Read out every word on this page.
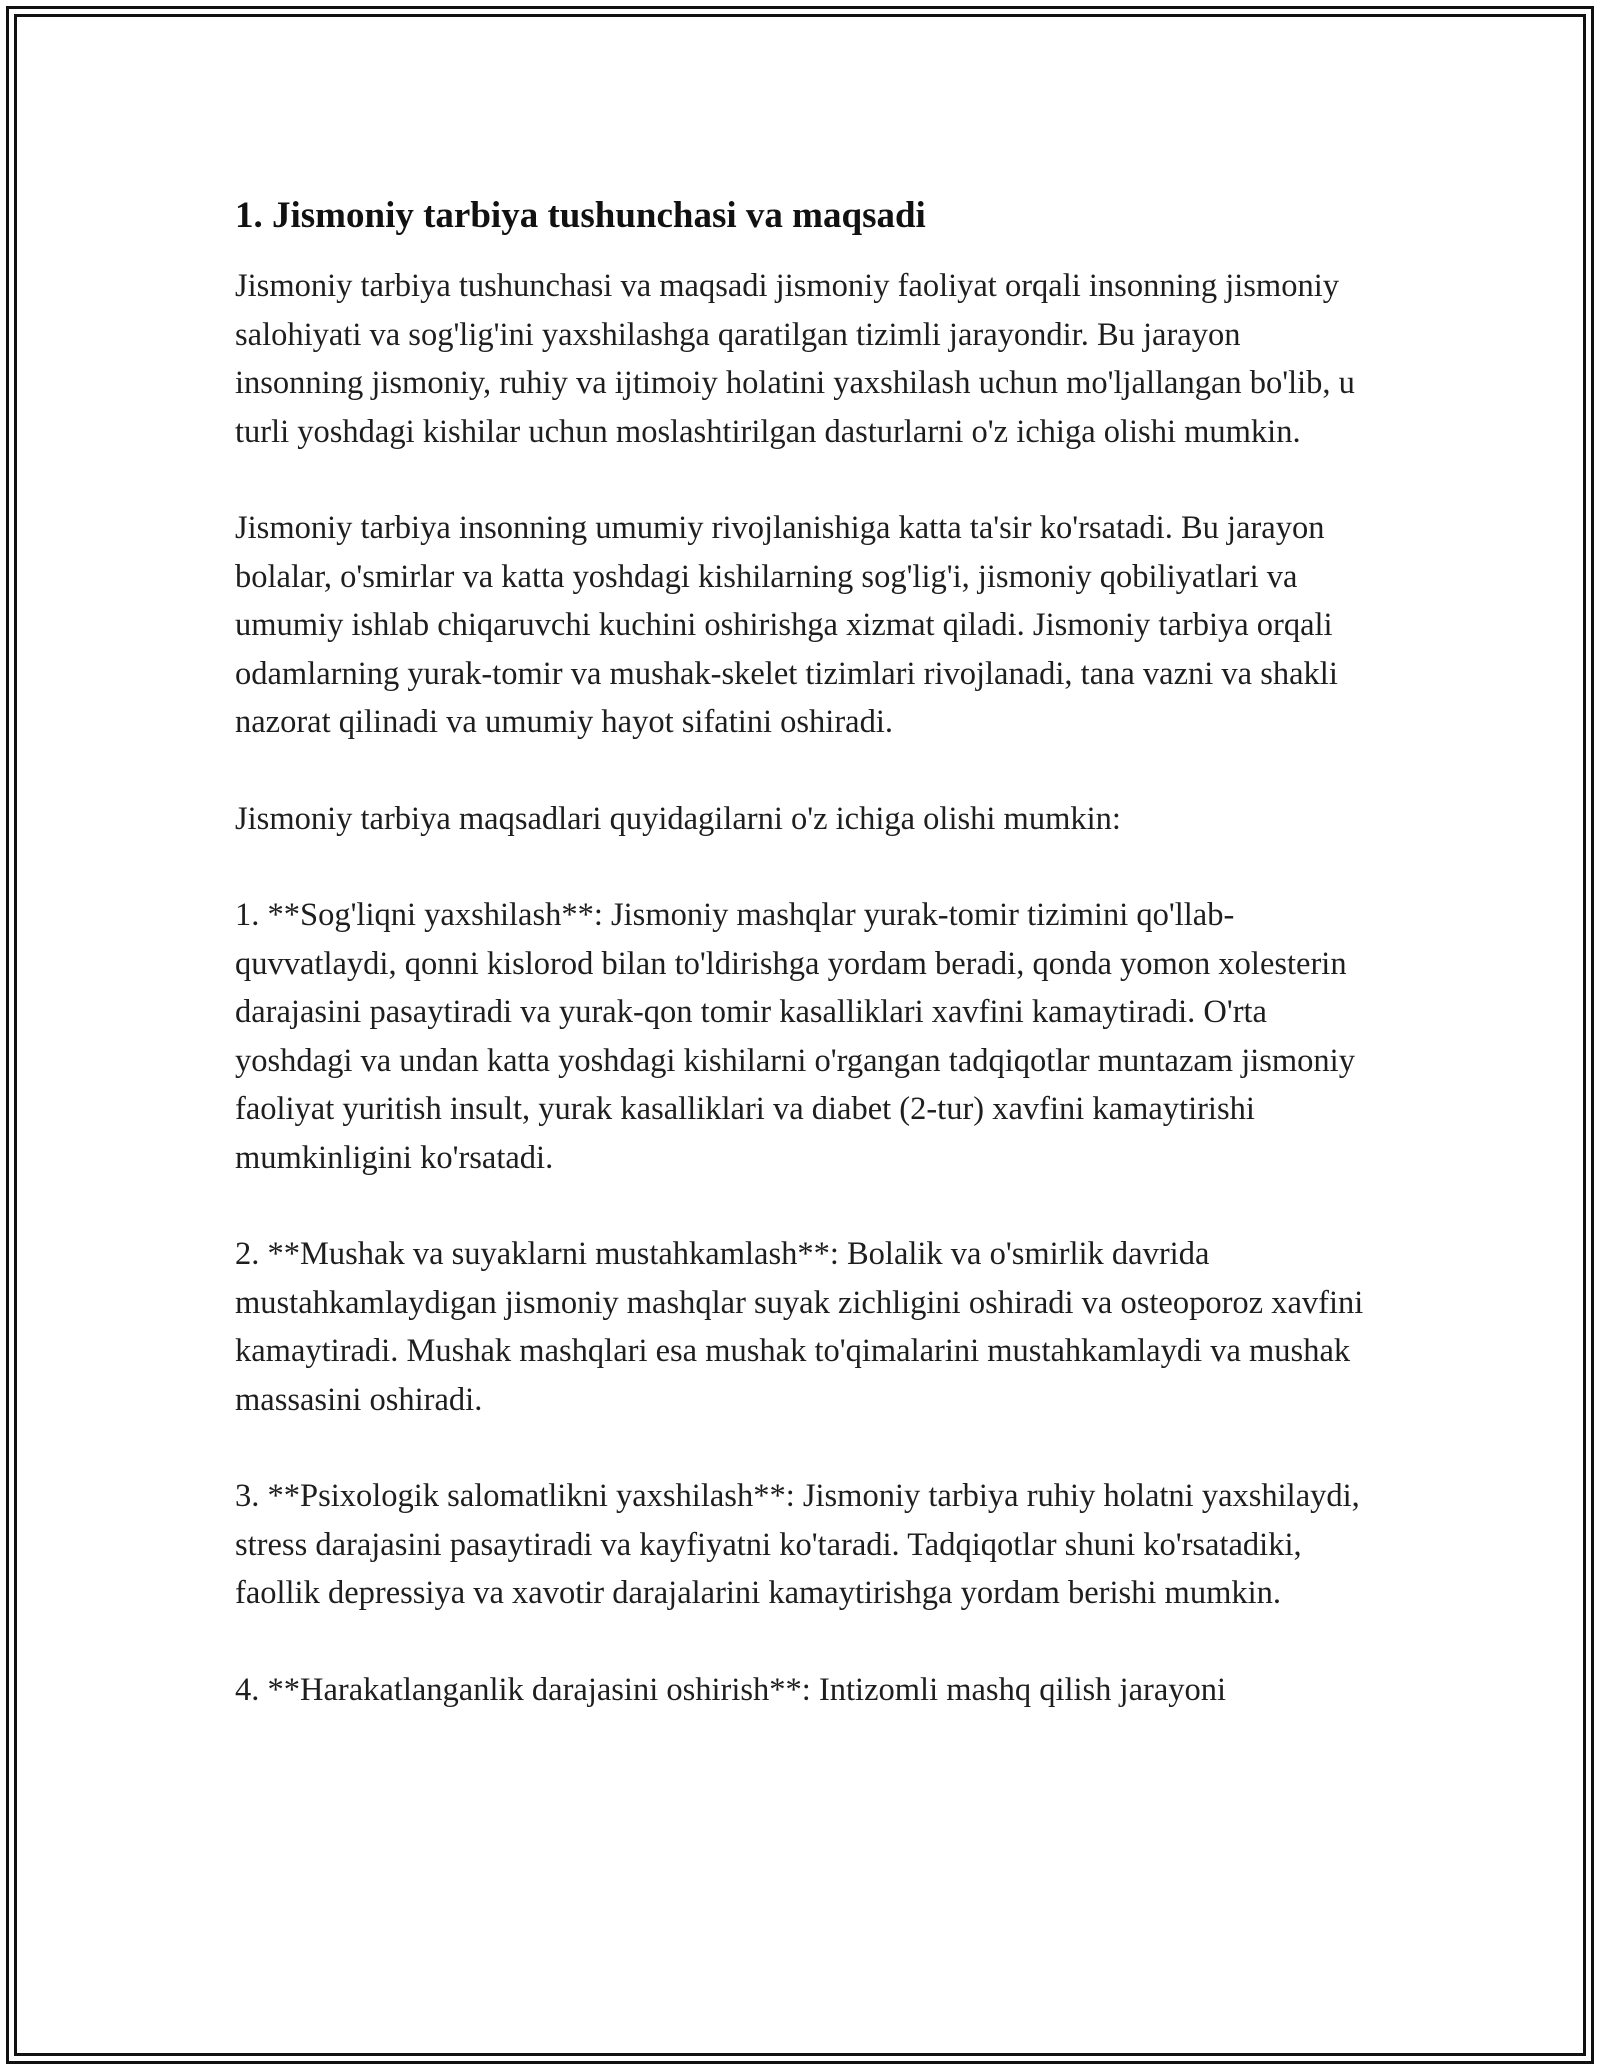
1. Jismoniy tarbiya tushunchasi va maqsadi

Jismoniy tarbiya tushunchasi va maqsadi jismoniy faoliyat orqali insonning jismoniy salohiyati va sog'lig'ini yaxshilashga qaratilgan tizimli jarayondir. Bu jarayon insonning jismoniy, ruhiy va ijtimoiy holatini yaxshilash uchun mo'ljallangan bo'lib, u turli yoshdagi kishilar uchun moslashtirilgan dasturlarni o'z ichiga olishi mumkin.

Jismoniy tarbiya insonning umumiy rivojlanishiga katta ta'sir ko'rsatadi. Bu jarayon bolalar, o'smirlar va katta yoshdagi kishilarning sog'lig'i, jismoniy qobiliyatlari va umumiy ishlab chiqaruvchi kuchini oshirishga xizmat qiladi. Jismoniy tarbiya orqali odamlarning yurak-tomir va mushak-skelet tizimlari rivojlanadi, tana vazni va shakli nazorat qilinadi va umumiy hayot sifatini oshiradi.

Jismoniy tarbiya maqsadlari quyidagilarni o'z ichiga olishi mumkin:

1. **Sog'liqni yaxshilash**: Jismoniy mashqlar yurak-tomir tizimini qo'llab-quvvatlaydi, qonni kislorod bilan to'ldirishga yordam beradi, qonda yomon xolesterin darajasini pasaytiradi va yurak-qon tomir kasalliklari xavfini kamaytiradi. O'rta yoshdagi va undan katta yoshdagi kishilarni o'rgangan tadqiqotlar muntazam jismoniy faoliyat yuritish insult, yurak kasalliklari va diabet (2-tur) xavfini kamaytirishi mumkinligini ko'rsatadi.

2. **Mushak va suyaklarni mustahkamlash**: Bolalik va o'smirlik davrida mustahkamlaydigan jismoniy mashqlar suyak zichligini oshiradi va osteoporoz xavfini kamaytiradi. Mushak mashqlari esa mushak to'qimalarini mustahkamlaydi va mushak massasini oshiradi.

3. **Psixologik salomatlikni yaxshilash**: Jismoniy tarbiya ruhiy holatni yaxshilaydi, stress darajasini pasaytiradi va kayfiyatni ko'taradi. Tadqiqotlar shuni ko'rsatadiki, faollik depressiya va xavotir darajalarini kamaytirishga yordam berishi mumkin.

4. **Harakatlanganlik darajasini oshirish**: Intizomli mashq qilish jarayoni
